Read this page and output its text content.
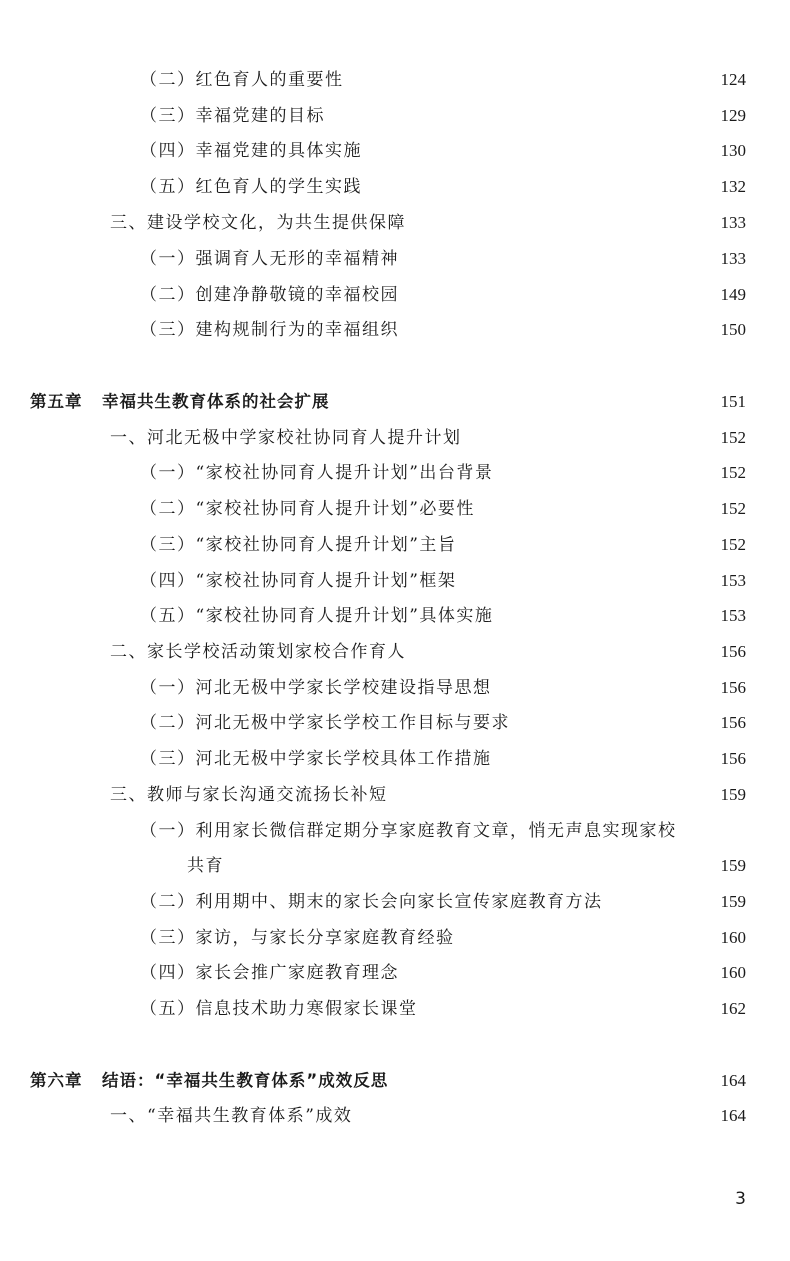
（二）红色育人的重要性	124
（三）幸福党建的目标	129
（四）幸福党建的具体实施	130
（五）红色育人的学生实践	132
三、建设学校文化，为共生提供保障	133
（一）强调育人无形的幸福精神	133
（二）创建净静敬镜的幸福校园	149
（三）建构规制行为的幸福组织	150
第五章 幸福共生教育体系的社会扩展	151
一、河北无极中学家校社协同育人提升计划	152
（一）“家校社协同育人提升计划”出台背景	152
（二）“家校社协同育人提升计划”必要性	152
（三）“家校社协同育人提升计划”主旨	152
（四）“家校社协同育人提升计划”框架	153
（五）“家校社协同育人提升计划”具体实施	153
二、家长学校活动策划家校合作育人	156
（一）河北无极中学家长学校建设指导思想	156
（二）河北无极中学家长学校工作目标与要求	156
（三）河北无极中学家长学校具体工作措施	156
三、教师与家长沟通交流扬长补短	159
（一）利用家长微信群定期分享家庭教育文章，悄无声息实现家校
共育	159
（二）利用期中、期末的家长会向家长宣传家庭教育方法	159
（三）家访，与家长分享家庭教育经验	160
（四）家长会推广家庭教育理念	160
（五）信息技术助力寒假家长课堂	162
第六章 结语：“幸福共生教育体系”成效反思	164
一、“幸福共生教育体系”成效	164
3
